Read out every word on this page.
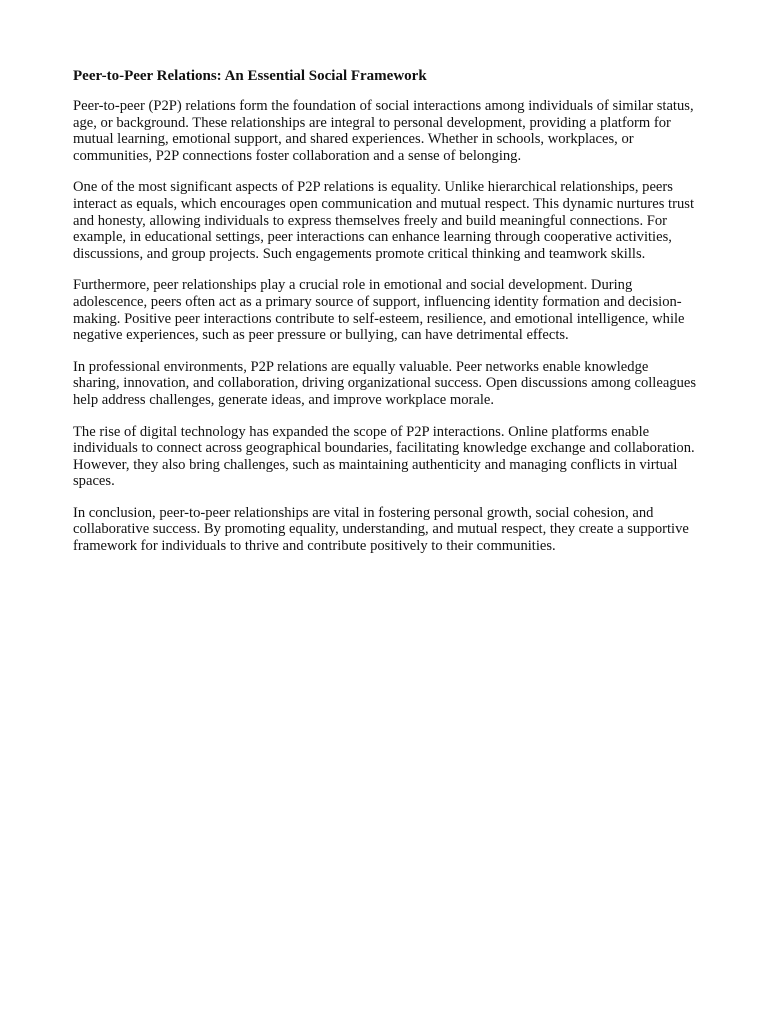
Peer-to-Peer Relations: An Essential Social Framework

Peer-to-peer (P2P) relations form the foundation of social interactions among individuals of similar status, age, or background. These relationships are integral to personal development, providing a platform for mutual learning, emotional support, and shared experiences. Whether in schools, workplaces, or communities, P2P connections foster collaboration and a sense of belonging.

One of the most significant aspects of P2P relations is equality. Unlike hierarchical relationships, peers interact as equals, which encourages open communication and mutual respect. This dynamic nurtures trust and honesty, allowing individuals to express themselves freely and build meaningful connections. For example, in educational settings, peer interactions can enhance learning through cooperative activities, discussions, and group projects. Such engagements promote critical thinking and teamwork skills.

Furthermore, peer relationships play a crucial role in emotional and social development. During adolescence, peers often act as a primary source of support, influencing identity formation and decision-making. Positive peer interactions contribute to self-esteem, resilience, and emotional intelligence, while negative experiences, such as peer pressure or bullying, can have detrimental effects.

In professional environments, P2P relations are equally valuable. Peer networks enable knowledge sharing, innovation, and collaboration, driving organizational success. Open discussions among colleagues help address challenges, generate ideas, and improve workplace morale.

The rise of digital technology has expanded the scope of P2P interactions. Online platforms enable individuals to connect across geographical boundaries, facilitating knowledge exchange and collaboration. However, they also bring challenges, such as maintaining authenticity and managing conflicts in virtual spaces.

In conclusion, peer-to-peer relationships are vital in fostering personal growth, social cohesion, and collaborative success. By promoting equality, understanding, and mutual respect, they create a supportive framework for individuals to thrive and contribute positively to their communities.
